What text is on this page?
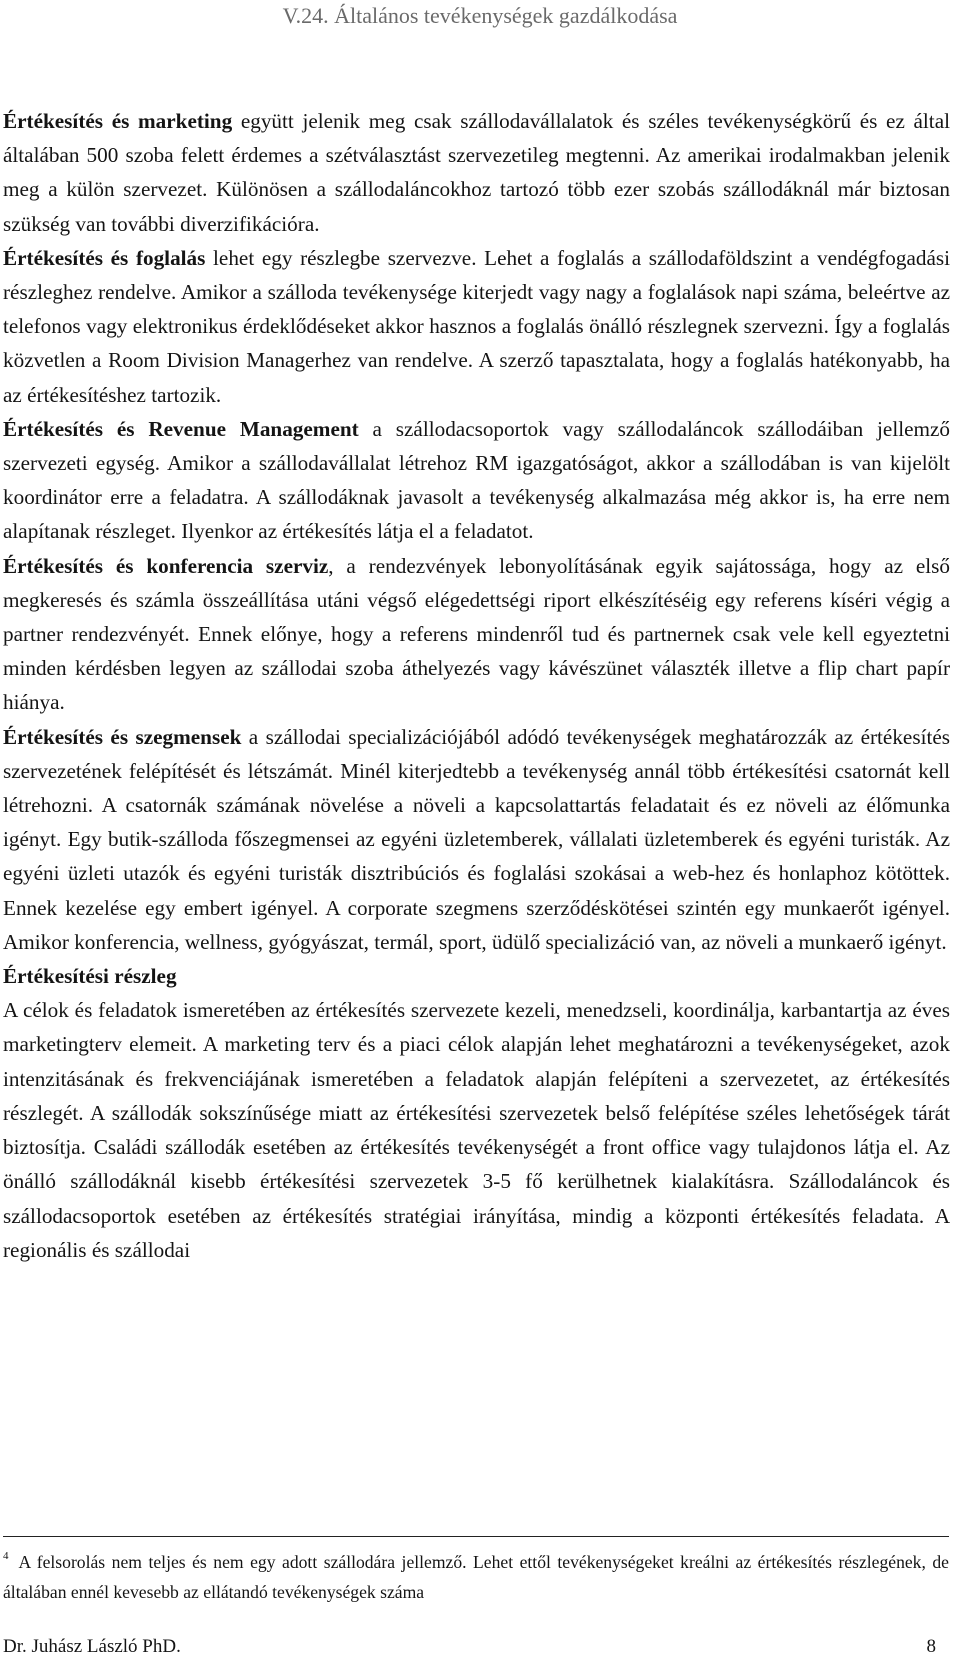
V.24. Általános tevékenységek gazdálkodása

Értékesítés és marketing együtt jelenik meg csak szállodavállalatok és széles tevékenységkörű és ez által általában 500 szoba felett érdemes a szétválasztást szervezetileg megtenni. Az amerikai irodalmakban jelenik meg a külön szervezet. Különösen a szállodaláncokhoz tartozó több ezer szobás szállodáknál már biztosan szükség van további diverzifikációra.

Értékesítés és foglalás lehet egy részlegbe szervezve. Lehet a foglalás a szállodaföldszint a vendégfogadási részleghez rendelve. Amikor a szálloda tevékenysége kiterjedt vagy nagy a foglalások napi száma, beleértve az telefonos vagy elektronikus érdeklődéseket akkor hasznos a foglalás önálló részlegnek szervezni. Így a foglalás közvetlen a Room Division Managerhez van rendelve. A szerző tapasztalata, hogy a foglalás hatékonyabb, ha az értékesítéshez tartozik.

Értékesítés és Revenue Management a szállodacsoportok vagy szállodaláncok szállodáiban jellemző szervezeti egység. Amikor a szállodavállalat létrehoz RM igazgatóságot, akkor a szállodában is van kijelölt koordinátor erre a feladatra. A szállodáknak javasolt a tevékenység alkalmazása még akkor is, ha erre nem alapítanak részleget. Ilyenkor az értékesítés látja el a feladatot.

Értékesítés és konferencia szerviz, a rendezvények lebonyolításának egyik sajátossága, hogy az első megkeresés és számla összeállítása utáni végső elégedettségi riport elkészítéséig egy referens kíséri végig a partner rendezvényét. Ennek előnye, hogy a referens mindenről tud és partnernek csak vele kell egyeztetni minden kérdésben legyen az szállodai szoba áthelyezés vagy kávészünet választék illetve a flip chart papír hiánya.

Értékesítés és szegmensek a szállodai specializációjából adódó tevékenységek meghatározzák az értékesítés szervezetének felépítését és létszámát. Minél kiterjedtebb a tevékenység annál több értékesítési csatornát kell létrehozni. A csatornák számának növelése a növeli a kapcsolattartás feladatait és ez növeli az élőmunka igényt. Egy butik-szálloda főszegmensei az egyéni üzletemberek, vállalati üzletemberek és egyéni turisták. Az egyéni üzleti utazók és egyéni turisták disztribúciós és foglalási szokásai a web-hez és honlaphoz kötöttek. Ennek kezelése egy embert igényel. A corporate szegmens szerződéskötései szintén egy munkaerőt igényel. Amikor konferencia, wellness, gyógyászat, termál, sport, üdülő specializáció van, az növeli a munkaerő igényt.

Értékesítési részleg

A célok és feladatok ismeretében az értékesítés szervezete kezeli, menedzseli, koordinálja, karbantartja az éves marketingterv elemeit. A marketing terv és a piaci célok alapján lehet meghatározni a tevékenységeket, azok intenzitásának és frekvenciájának ismeretében a feladatok alapján felépíteni a szervezetet, az értékesítés részlegét. A szállodák sokszínűsége miatt az értékesítési szervezetek belső felépítése széles lehetőségek tárát biztosítja. Családi szállodák esetében az értékesítés tevékenységét a front office vagy tulajdonos látja el. Az önálló szállodáknál kisebb értékesítési szervezetek 3-5 fő kerülhetnek kialakításra. Szállodaláncok és szállodacsoportok esetében az értékesítés stratégiai irányítása, mindig a központi értékesítés feladata. A regionális és szállodai

$^4$ A felsorolás nem teljes és nem egy adott szállodára jellemző. Lehet ettől tevékenységeket kreálni az értékesítés részlegének, de általában ennél kevesebb az ellátandó tevékenységek száma
Dr. Juhász László PhD.	8
